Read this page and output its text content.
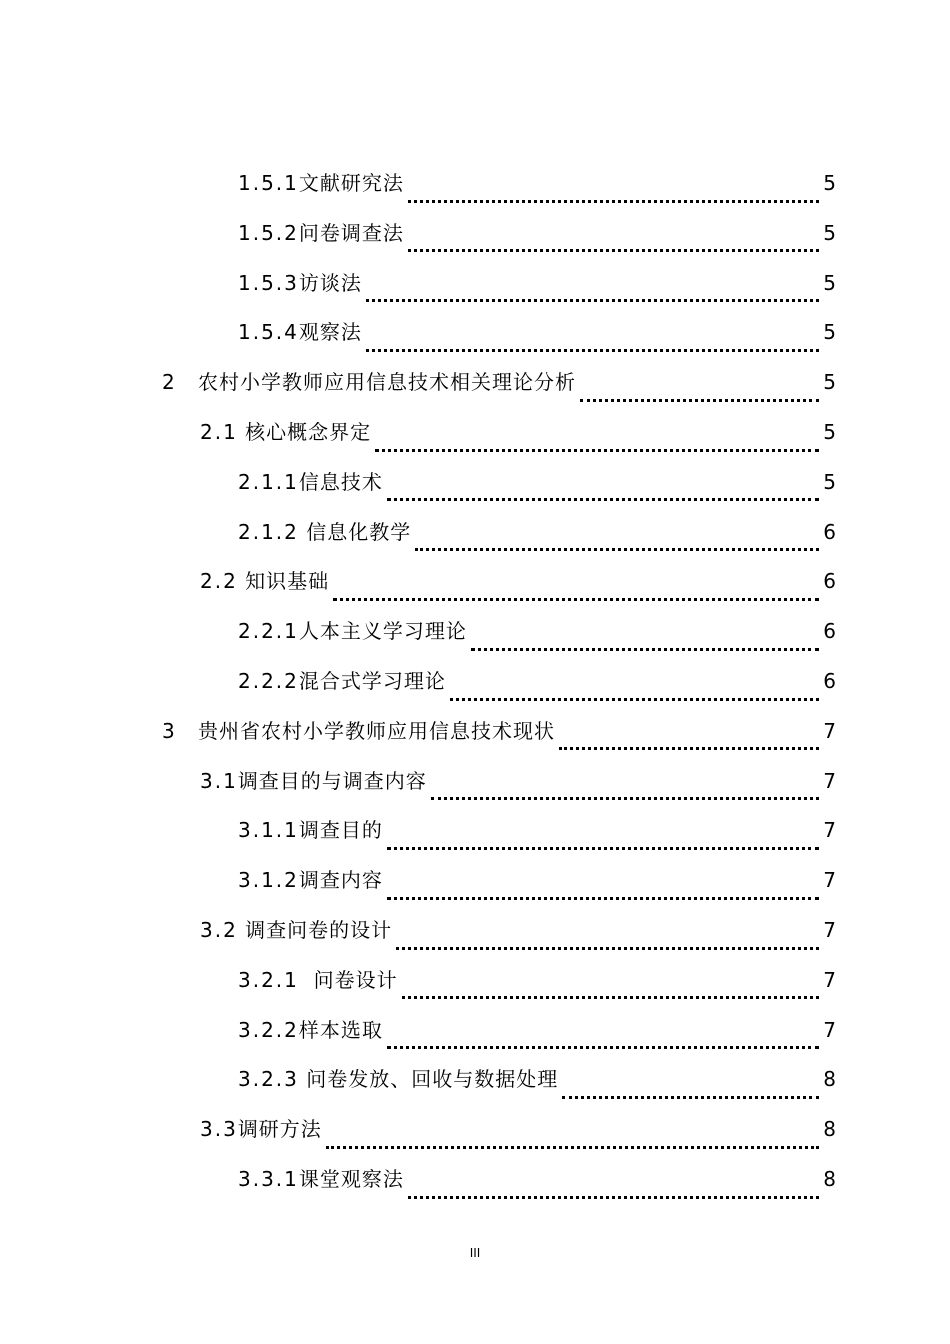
1.5.1 文献研究法	5
1.5.2 问卷调查法	5
1.5.3 访谈法	5
1.5.4 观察法	5
2	农村小学教师应用信息技术相关理论分析	5
2.1 核心概念界定	5
2.1.1 信息技术	5
2.1.2 信息化教学	6
2.2 知识基础	6
2.2.1 人本主义学习理论	6
2.2.2 混合式学习理论	6
3	贵州省农村小学教师应用信息技术现状	7
3.1 调查目的与调查内容	7
3.1.1 调查目的	7
3.1.2 调查内容	7
3.2 调查问卷的设计	7
3.2.1 问卷设计	7
3.2.2 样本选取	7
3.2.3 问卷发放、回收与数据处理	8
3.3 调研方法	8
3.3.1 课堂观察法	8
III
